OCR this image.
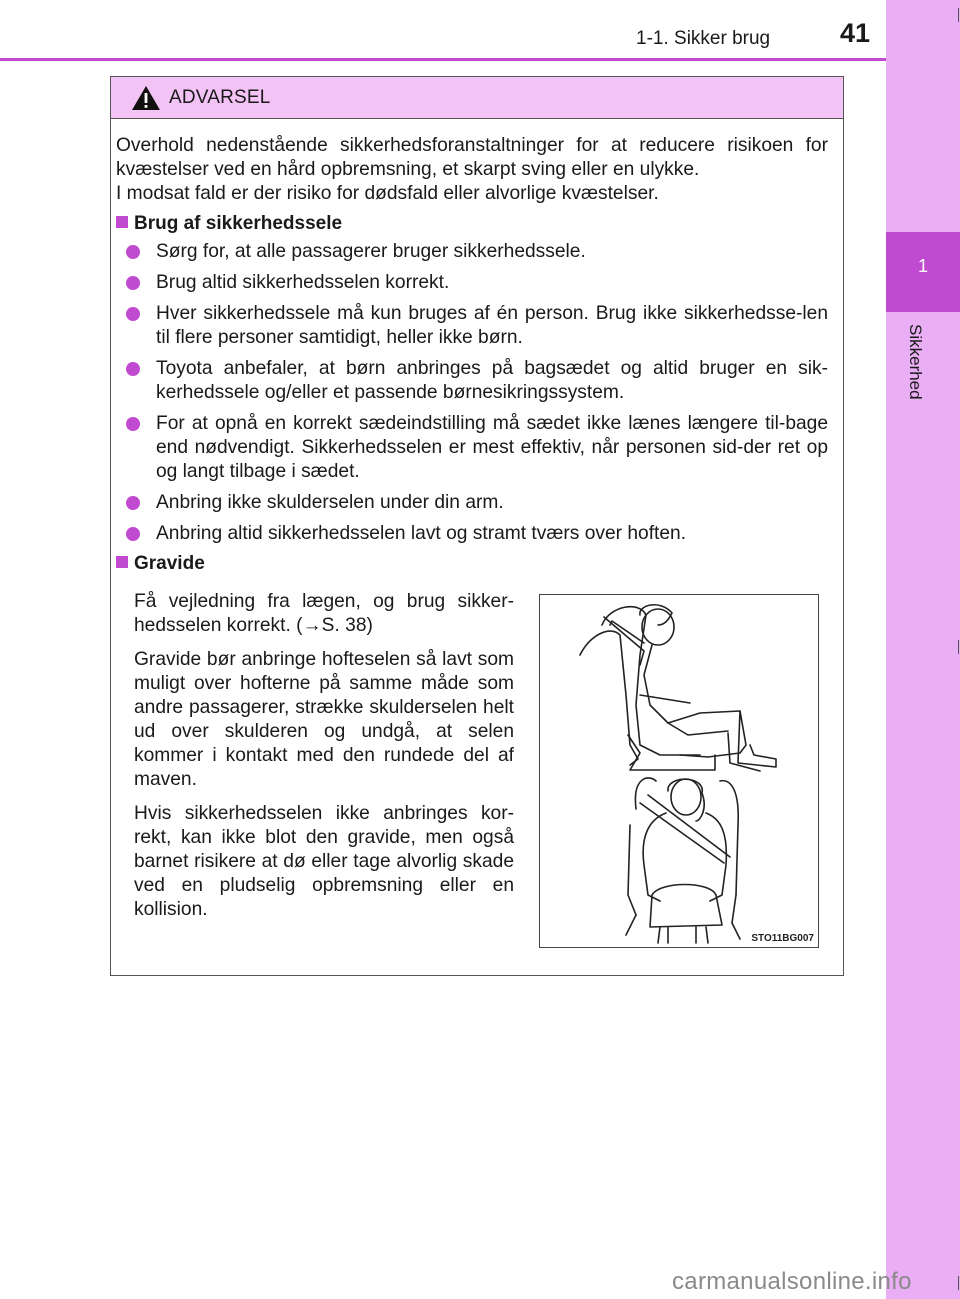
1
Sikkerhed
1-1. Sikker brug	41
ADVARSEL

Overhold nedenstående sikkerhedsforanstaltninger for at reducere risikoen for kvæstelser ved en hård opbremsning, et skarpt sving eller en ulykke.

I modsat fald er der risiko for dødsfald eller alvorlige kvæstelser.

Brug af sikkerhedssele
Sørg for, at alle passagerer bruger sikkerhedssele.
Brug altid sikkerhedsselen korrekt.
Hver sikkerhedssele må kun bruges af én person. Brug ikke sikkerhedsse-len til flere personer samtidigt, heller ikke børn.
Toyota anbefaler, at børn anbringes på bagsædet og altid bruger en sik-kerhedssele og/eller et passende børnesikringssystem.
For at opnå en korrekt sædeindstilling må sædet ikke lænes længere til-bage end nødvendigt. Sikkerhedsselen er mest effektiv, når personen sid-der ret op og langt tilbage i sædet.
Anbring ikke skulderselen under din arm.
Anbring altid sikkerhedsselen lavt og stramt tværs over hoften.
Gravide

Få vejledning fra lægen, og brug sikker-hedsselen korrekt. (→S. 38)

Gravide bør anbringe hofteselen så lavt som muligt over hofterne på samme måde som andre passagerer, strække skulderselen helt ud over skulderen og undgå, at selen kommer i kontakt med den rundede del af maven.

Hvis sikkerhedsselen ikke anbringes kor-rekt, kan ikke blot den gravide, men også barnet risikere at dø eller tage alvorlig skade ved en pludselig opbremsning eller en kollision.

STO11BG007
carmanualsonline.info
